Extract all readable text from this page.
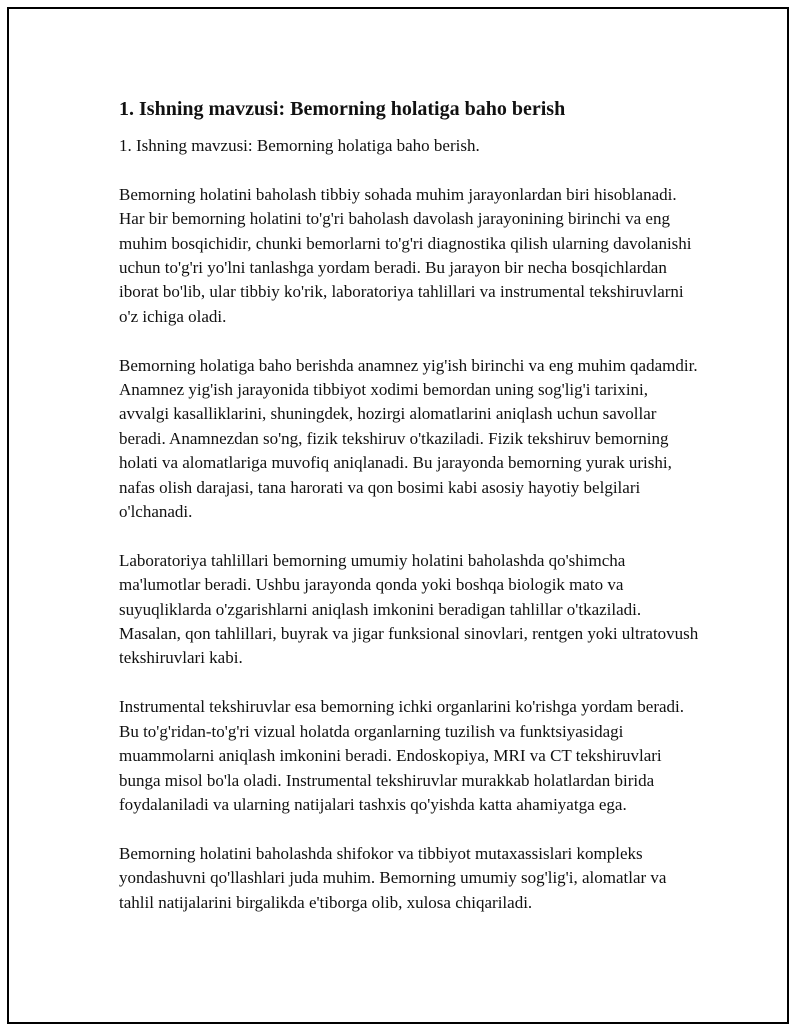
1. Ishning mavzusi: Bemorning holatiga baho berish

1. Ishning mavzusi: Bemorning holatiga baho berish.

Bemorning holatini baholash tibbiy sohada muhim jarayonlardan biri hisoblanadi. Har bir bemorning holatini to'g'ri baholash davolash jarayonining birinchi va eng muhim bosqichidir, chunki bemorlarni to'g'ri diagnostika qilish ularning davolanishi uchun to'g'ri yo'lni tanlashga yordam beradi. Bu jarayon bir necha bosqichlardan iborat bo'lib, ular tibbiy ko'rik, laboratoriya tahlillari va instrumental tekshiruvlarni o'z ichiga oladi.

Bemorning holatiga baho berishda anamnez yig'ish birinchi va eng muhim qadamdir. Anamnez yig'ish jarayonida tibbiyot xodimi bemordan uning sog'lig'i tarixini, avvalgi kasalliklarini, shuningdek, hozirgi alomatlarini aniqlash uchun savollar beradi. Anamnezdan so'ng, fizik tekshiruv o'tkaziladi. Fizik tekshiruv bemorning holati va alomatlariga muvofiq aniqlanadi. Bu jarayonda bemorning yurak urishi, nafas olish darajasi, tana harorati va qon bosimi kabi asosiy hayotiy belgilari o'lchanadi.

Laboratoriya tahlillari bemorning umumiy holatini baholashda qo'shimcha ma'lumotlar beradi. Ushbu jarayonda qonda yoki boshqa biologik mato va suyuqliklarda o'zgarishlarni aniqlash imkonini beradigan tahlillar o'tkaziladi. Masalan, qon tahlillari, buyrak va jigar funksional sinovlari, rentgen yoki ultratovush tekshiruvlari kabi.

Instrumental tekshiruvlar esa bemorning ichki organlarini ko'rishga yordam beradi. Bu to'g'ridan-to'g'ri vizual holatda organlarning tuzilish va funktsiyasidagi muammolarni aniqlash imkonini beradi. Endoskopiya, MRI va CT tekshiruvlari bunga misol bo'la oladi. Instrumental tekshiruvlar murakkab holatlardan birida foydalaniladi va ularning natijalari tashxis qo'yishda katta ahamiyatga ega.

Bemorning holatini baholashda shifokor va tibbiyot mutaxassislari kompleks yondashuvni qo'llashlari juda muhim. Bemorning umumiy sog'lig'i, alomatlar va tahlil natijalarini birgalikda e'tiborga olib, xulosa chiqariladi.
